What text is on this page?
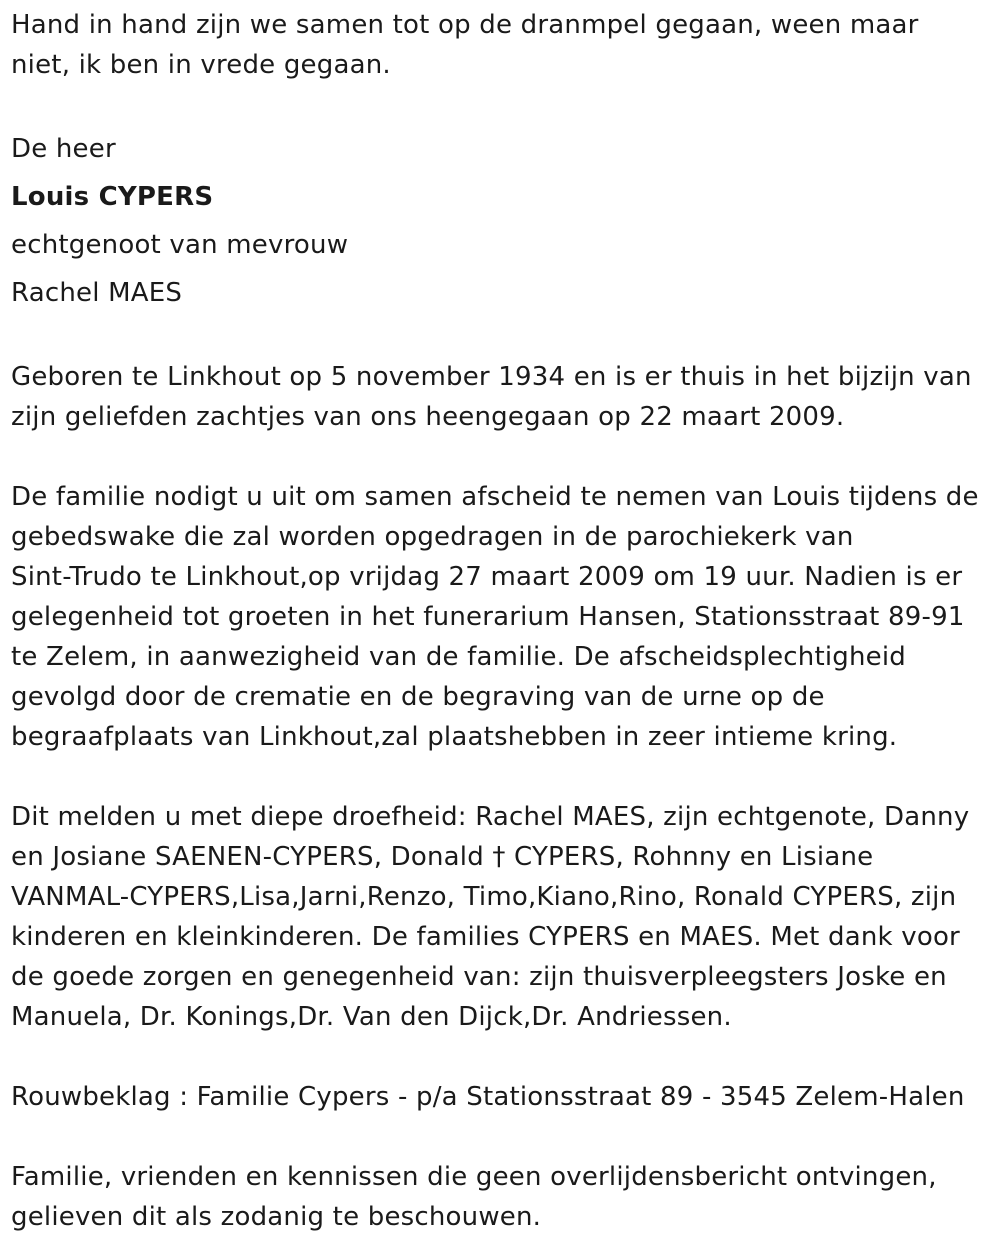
Hand in hand zijn we samen tot op de dranmpel gegaan, ween maar
niet, ik ben in vrede gegaan.

De heer

Louis CYPERS

echtgenoot van mevrouw

Rachel MAES

Geboren te Linkhout op 5 november 1934 en is er thuis in het bijzijn van
zijn geliefden zachtjes van ons heengegaan op 22 maart 2009.

De familie nodigt u uit om samen afscheid te nemen van Louis tijdens de
gebedswake die zal worden opgedragen in de parochiekerk van
Sint-Trudo te Linkhout,op vrijdag 27 maart 2009 om 19 uur. Nadien is er
gelegenheid tot groeten in het funerarium Hansen, Stationsstraat 89-91
te Zelem, in aanwezigheid van de familie. De afscheidsplechtigheid
gevolgd door de crematie en de begraving van de urne op de
begraafplaats van Linkhout,zal plaatshebben in zeer intieme kring.

Dit melden u met diepe droefheid: Rachel MAES, zijn echtgenote, Danny
en Josiane SAENEN-CYPERS, Donald † CYPERS, Rohnny en Lisiane
VANMAL-CYPERS,Lisa,Jarni,Renzo, Timo,Kiano,Rino, Ronald CYPERS, zijn
kinderen en kleinkinderen. De families CYPERS en MAES. Met dank voor
de goede zorgen en genegenheid van: zijn thuisverpleegsters Joske en
Manuela, Dr. Konings,Dr. Van den Dijck,Dr. Andriessen.

Rouwbeklag : Familie Cypers - p/a Stationsstraat 89 - 3545 Zelem-Halen

Familie, vrienden en kennissen die geen overlijdensbericht ontvingen,
gelieven dit als zodanig te beschouwen.
